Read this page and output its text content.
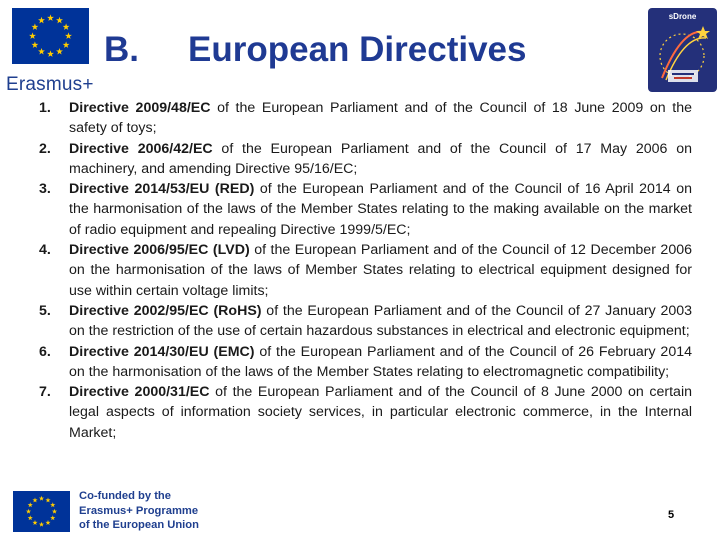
Erasmus+
B. European Directives
sDrone
1. Directive 2009/48/EC of the European Parliament and of the Council of 18 June 2009 on the safety of toys;
2. Directive 2006/42/EC of the European Parliament and of the Council of 17 May 2006 on machinery, and amending Directive 95/16/EC;
3. Directive 2014/53/EU (RED) of the European Parliament and of the Council of 16 April 2014 on the harmonisation of the laws of the Member States relating to the making available on the market of radio equipment and repealing Directive 1999/5/EC;
4. Directive 2006/95/EC (LVD) of the European Parliament and of the Council of 12 December 2006 on the harmonisation of the laws of Member States relating to electrical equipment designed for use within certain voltage limits;
5. Directive 2002/95/EC (RoHS) of the European Parliament and of the Council of 27 January 2003 on the restriction of the use of certain hazardous substances in electrical and electronic equipment;
6. Directive 2014/30/EU (EMC) of the European Parliament and of the Council of 26 February 2014 on the harmonisation of the laws of the Member States relating to electromagnetic compatibility;
7. Directive 2000/31/EC of the European Parliament and of the Council of 8 June 2000 on certain legal aspects of information society services, in particular electronic commerce, in the Internal Market;
Co-funded by the
Erasmus+ Programme
of the European Union
5
